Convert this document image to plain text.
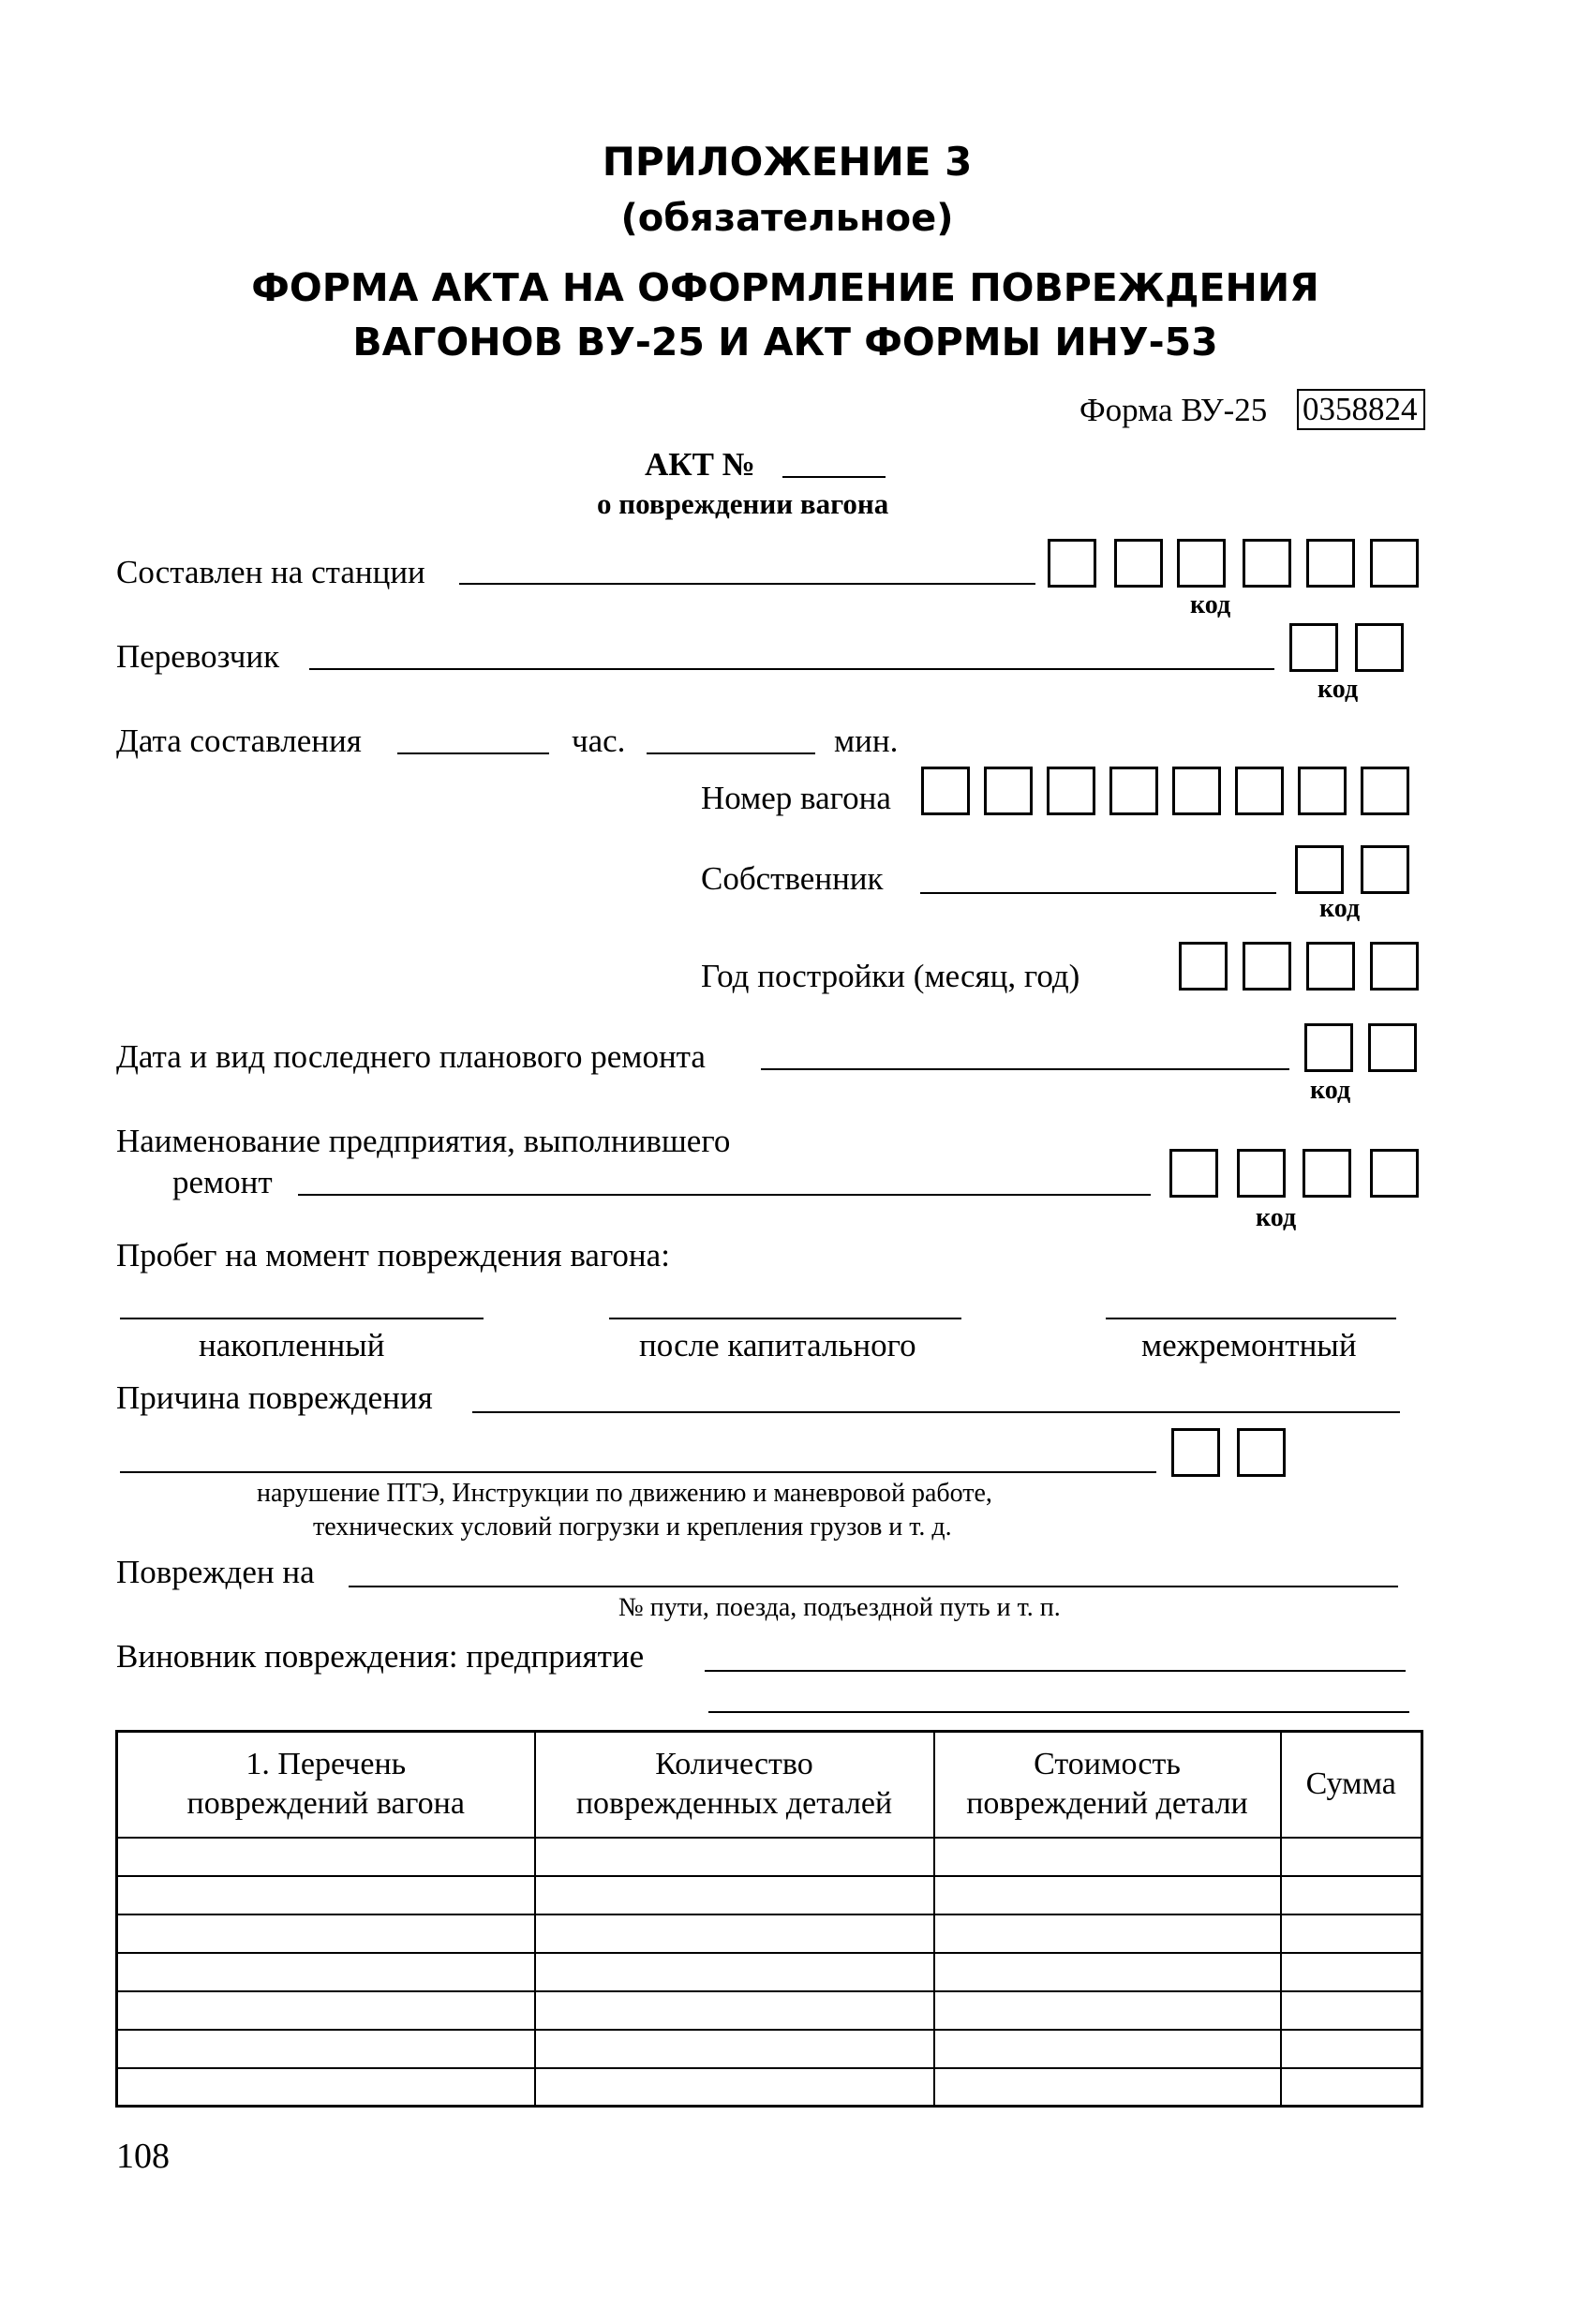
ПРИЛОЖЕНИЕ 3
(обязательное)
ФОРМА АКТА НА ОФОРМЛЕНИЕ ПОВРЕЖДЕНИЯ
ВАГОНОВ ВУ-25 И АКТ ФОРМЫ ИНУ-53
Форма ВУ-25 0358824
АКТ №
о повреждении вагона
Составлен на станции
код
Перевозчик
код
Дата составления	час.	мин.
Номер вагона
Собственник
код
Год постройки (месяц, год)
Дата и вид последнего планового ремонта
код
Наименование предприятия, выполнившего
ремонт
код
Пробег на момент повреждения вагона:
накопленный	после капитального	межремонтный
Причина повреждения
нарушение ПТЭ, Инструкции по движению и маневровой работе,
технических условий погрузки и крепления грузов и т. д.
Поврежден на
№ пути, поезда, подъездной путь и т. п.
Виновник повреждения: предприятие
1. Перечень повреждений вагона	Количество поврежденных деталей	Стоимость повреждений детали	Сумма

108
